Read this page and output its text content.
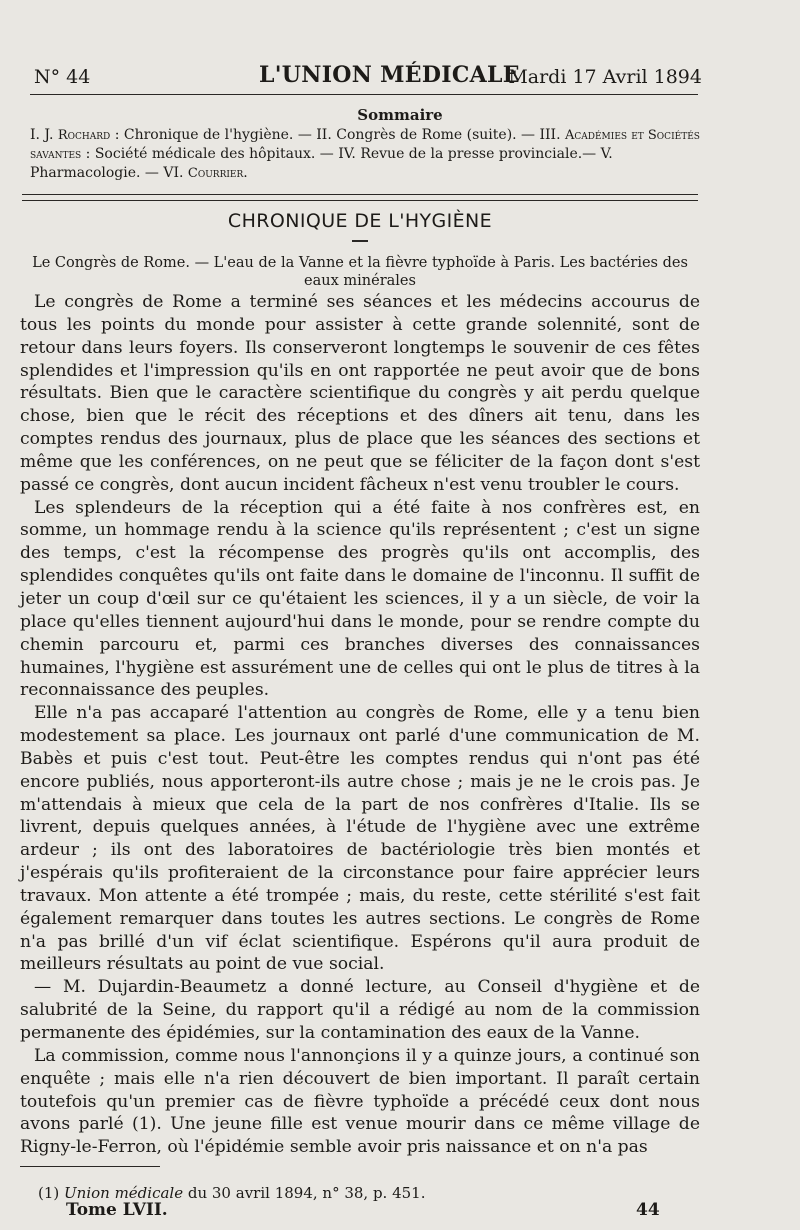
N° 44	L'UNION MÉDICALE
Mardi 17 Avril 1894
Sommaire
I. J. Rochard : Chronique de l'hygiène. — II. Congrès de Rome (suite). — III. Académies et Sociétés savantes : Société médicale des hôpitaux. — IV. Revue de la presse provinciale.— V. Pharmacologie. — VI. Courrier.
CHRONIQUE DE L'HYGIÈNE
Le Congrès de Rome. — L'eau de la Vanne et la fièvre typhoïde à Paris. Les bactéries des eaux minérales

Le congrès de Rome a terminé ses séances et les médecins accourus de tous les points du monde pour assister à cette grande solennité, sont de retour dans leurs foyers. Ils conserveront longtemps le souvenir de ces fêtes splendides et l'impression qu'ils en ont rapportée ne peut avoir que de bons résultats. Bien que le caractère scientifique du congrès y ait perdu quelque chose, bien que le récit des réceptions et des dîners ait tenu, dans les comptes rendus des journaux, plus de place que les séances des sections et même que les conférences, on ne peut que se féliciter de la façon dont s'est passé ce congrès, dont aucun incident fâcheux n'est venu troubler le cours.

Les splendeurs de la réception qui a été faite à nos confrères est, en somme, un hommage rendu à la science qu'ils représentent ; c'est un signe des temps, c'est la récompense des progrès qu'ils ont accomplis, des splendides conquêtes qu'ils ont faite dans le domaine de l'inconnu. Il suffit de jeter un coup d'œil sur ce qu'étaient les sciences, il y a un siècle, de voir la place qu'elles tiennent aujourd'hui dans le monde, pour se rendre compte du chemin parcouru et, parmi ces branches diverses des connaissances humaines, l'hygiène est assurément une de celles qui ont le plus de titres à la reconnaissance des peuples.

Elle n'a pas accaparé l'attention au congrès de Rome, elle y a tenu bien modestement sa place. Les journaux ont parlé d'une communication de M. Babès et puis c'est tout. Peut-être les comptes rendus qui n'ont pas été encore publiés, nous apporteront-ils autre chose ; mais je ne le crois pas. Je m'attendais à mieux que cela de la part de nos confrères d'Italie. Ils se livrent, depuis quelques années, à l'étude de l'hygiène avec une extrême ardeur ; ils ont des laboratoires de bactériologie très bien montés et j'espérais qu'ils profiteraient de la circonstance pour faire apprécier leurs travaux. Mon attente a été trompée ; mais, du reste, cette stérilité s'est fait également remarquer dans toutes les autres sections. Le congrès de Rome n'a pas brillé d'un vif éclat scientifique. Espérons qu'il aura produit de meilleurs résultats au point de vue social.

— M. Dujardin-Beaumetz a donné lecture, au Conseil d'hygiène et de salubrité de la Seine, du rapport qu'il a rédigé au nom de la commission permanente des épidémies, sur la contamination des eaux de la Vanne.

La commission, comme nous l'annonçions il y a quinze jours, a continué son enquête ; mais elle n'a rien découvert de bien important. Il paraît certain toutefois qu'un premier cas de fièvre typhoïde a précédé ceux dont nous avons parlé (1). Une jeune fille est venue mourir dans ce même village de Rigny-le-Ferron, où l'épidémie semble avoir pris naissance et on n'a pas

(1) Union médicale du 30 avril 1894, n° 38, p. 451.
Tome LVII.	44
